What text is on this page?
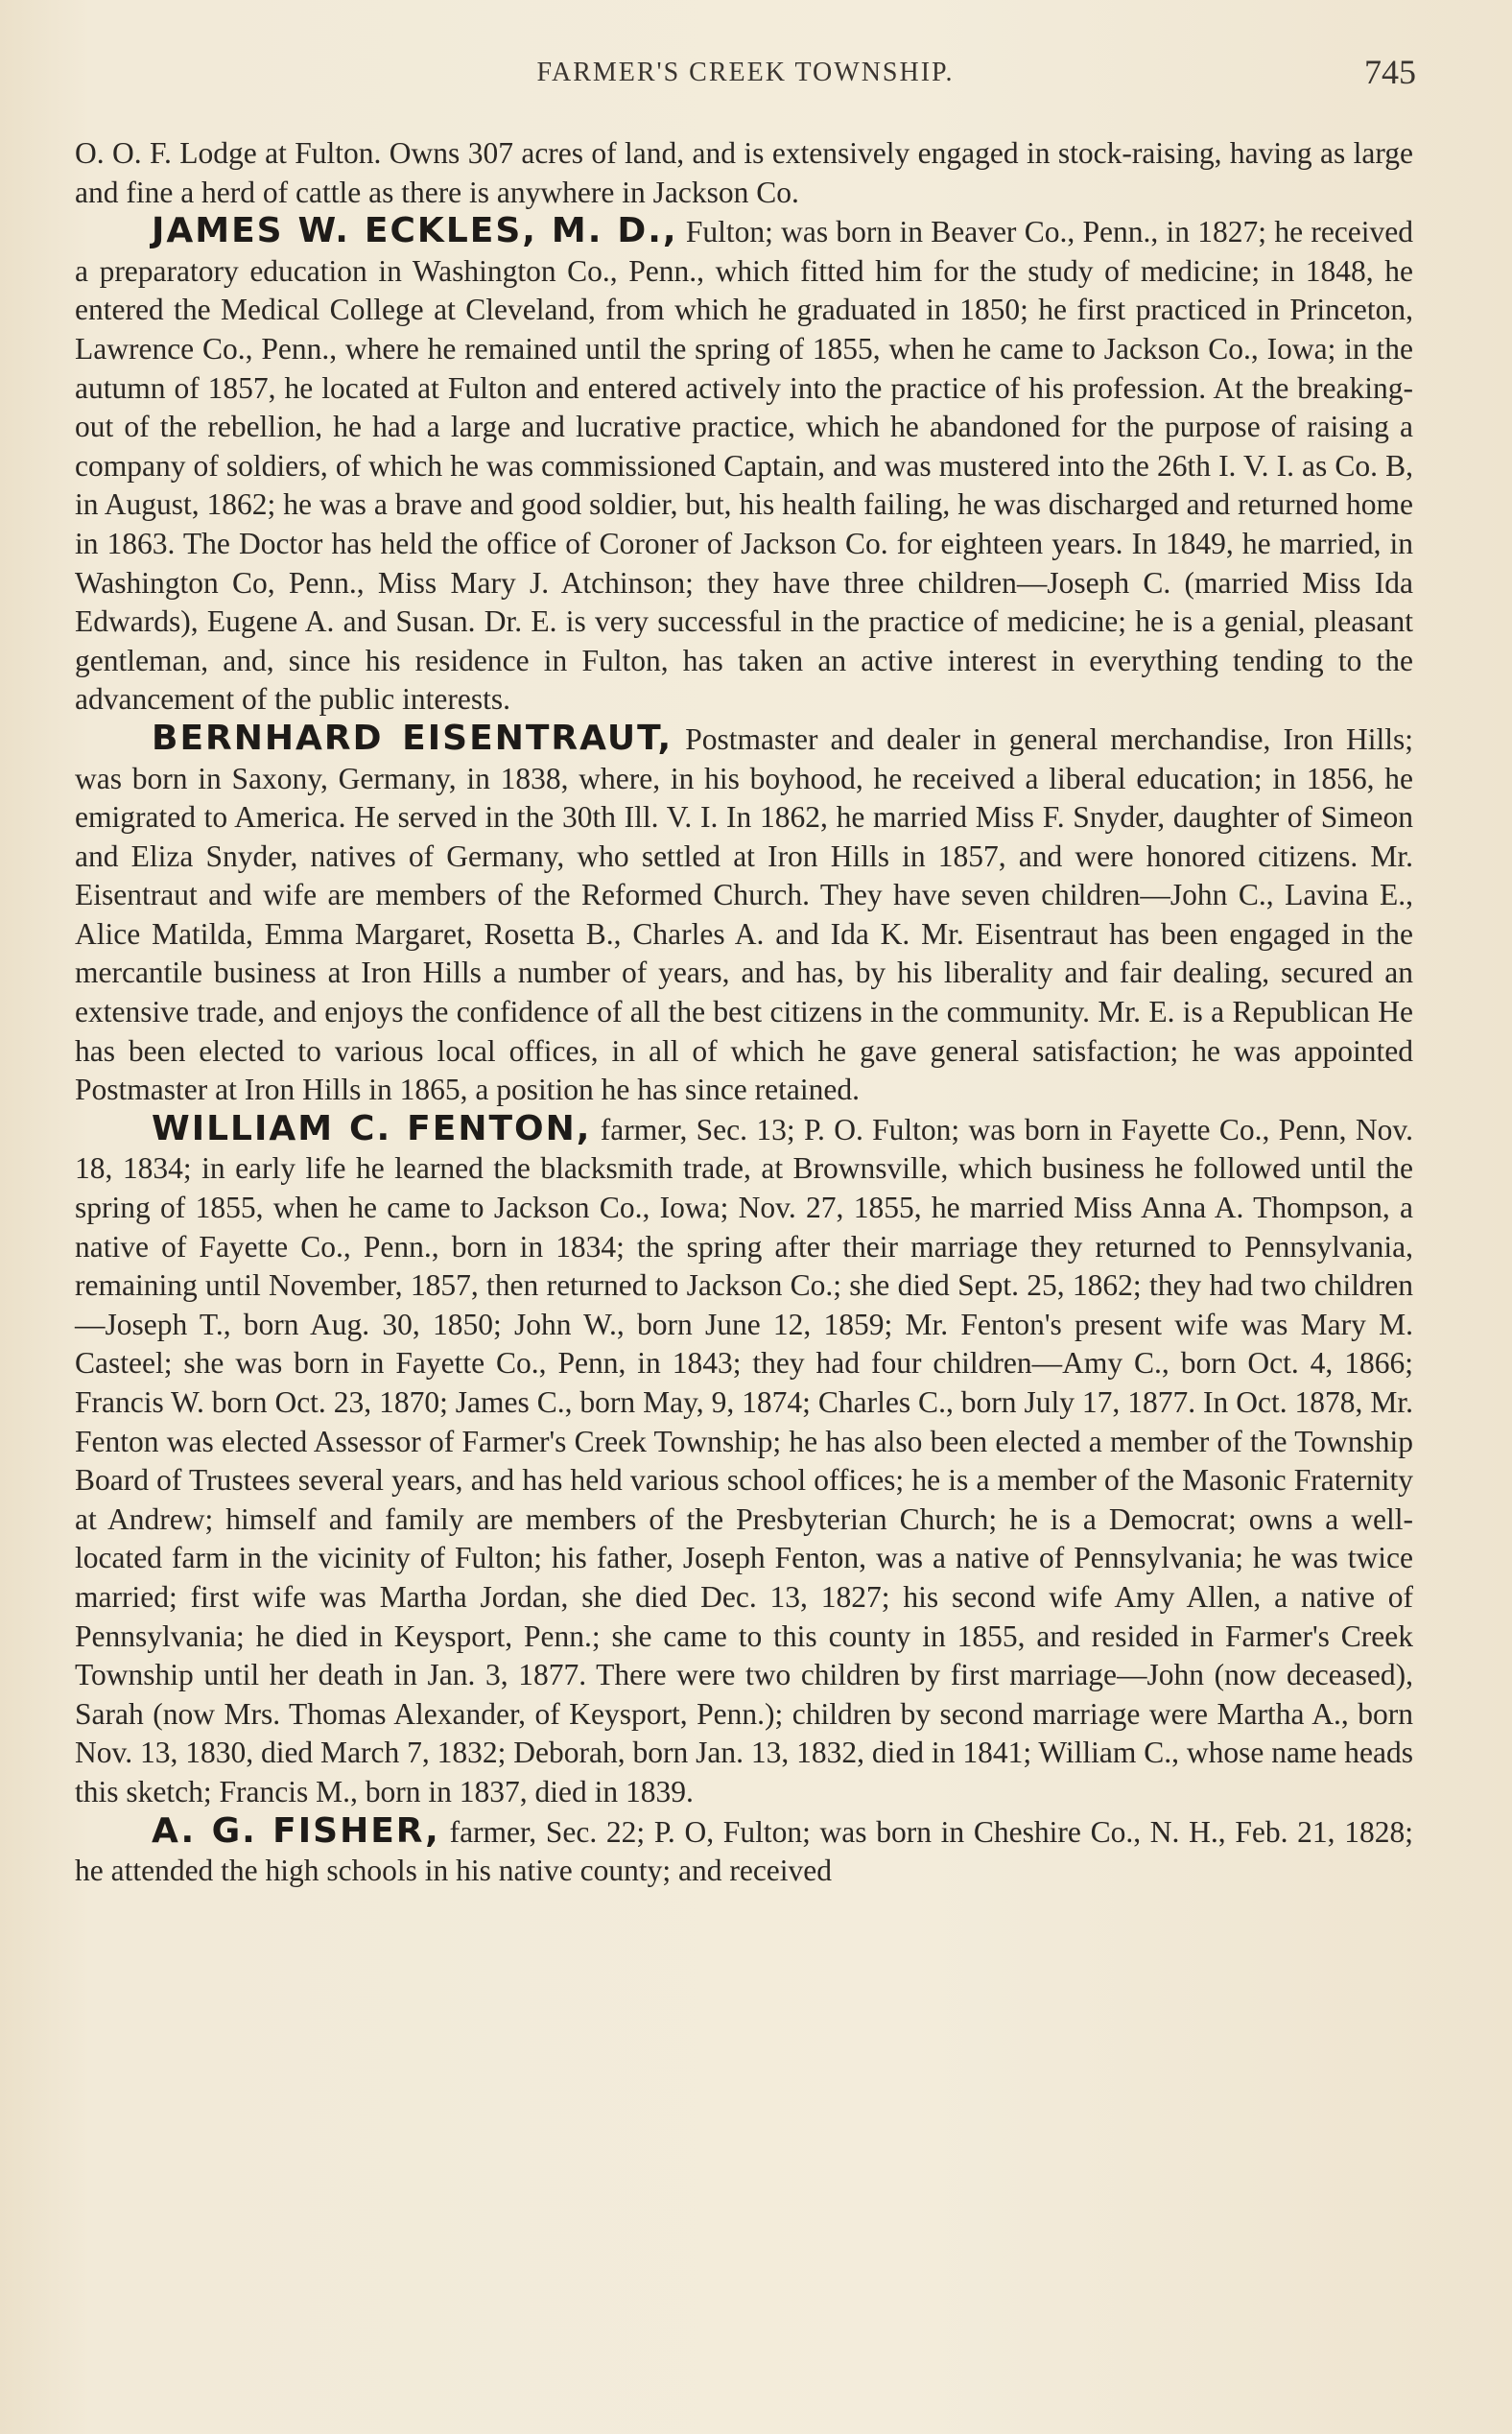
FARMER'S CREEK TOWNSHIP.	745

O. O. F. Lodge at Fulton. Owns 307 acres of land, and is extensively engaged in stock-raising, having as large and fine a herd of cattle as there is anywhere in Jackson Co.

JAMES W. ECKLES, M. D., Fulton; was born in Beaver Co., Penn., in 1827; he received a preparatory education in Washington Co., Penn., which fitted him for the study of medicine; in 1848, he entered the Medical College at Cleveland, from which he graduated in 1850; he first practiced in Princeton, Lawrence Co., Penn., where he remained until the spring of 1855, when he came to Jackson Co., Iowa; in the autumn of 1857, he located at Fulton and entered actively into the practice of his profession. At the breaking-out of the rebellion, he had a large and lucrative practice, which he abandoned for the purpose of raising a company of soldiers, of which he was commissioned Captain, and was mustered into the 26th I. V. I. as Co. B, in August, 1862; he was a brave and good soldier, but, his health failing, he was discharged and returned home in 1863. The Doctor has held the office of Coroner of Jackson Co. for eighteen years. In 1849, he married, in Washington Co, Penn., Miss Mary J. Atchinson; they have three children—Joseph C. (married Miss Ida Edwards), Eugene A. and Susan. Dr. E. is very successful in the practice of medicine; he is a genial, pleasant gentleman, and, since his residence in Fulton, has taken an active interest in everything tending to the advancement of the public interests.

BERNHARD EISENTRAUT, Postmaster and dealer in general merchandise, Iron Hills; was born in Saxony, Germany, in 1838, where, in his boyhood, he received a liberal education; in 1856, he emigrated to America. He served in the 30th Ill. V. I. In 1862, he married Miss F. Snyder, daughter of Simeon and Eliza Snyder, natives of Germany, who settled at Iron Hills in 1857, and were honored citizens. Mr. Eisentraut and wife are members of the Reformed Church. They have seven children—John C., Lavina E., Alice Matilda, Emma Margaret, Rosetta B., Charles A. and Ida K. Mr. Eisentraut has been engaged in the mercantile business at Iron Hills a number of years, and has, by his liberality and fair dealing, secured an extensive trade, and enjoys the confidence of all the best citizens in the community. Mr. E. is a Republican He has been elected to various local offices, in all of which he gave general satisfaction; he was appointed Postmaster at Iron Hills in 1865, a position he has since retained.

WILLIAM C. FENTON, farmer, Sec. 13; P. O. Fulton; was born in Fayette Co., Penn, Nov. 18, 1834; in early life he learned the blacksmith trade, at Brownsville, which business he followed until the spring of 1855, when he came to Jackson Co., Iowa; Nov. 27, 1855, he married Miss Anna A. Thompson, a native of Fayette Co., Penn., born in 1834; the spring after their marriage they returned to Pennsylvania, remaining until November, 1857, then returned to Jackson Co.; she died Sept. 25, 1862; they had two children—Joseph T., born Aug. 30, 1850; John W., born June 12, 1859; Mr. Fenton's present wife was Mary M. Casteel; she was born in Fayette Co., Penn, in 1843; they had four children—Amy C., born Oct. 4, 1866; Francis W. born Oct. 23, 1870; James C., born May, 9, 1874; Charles C., born July 17, 1877. In Oct. 1878, Mr. Fenton was elected Assessor of Farmer's Creek Township; he has also been elected a member of the Township Board of Trustees several years, and has held various school offices; he is a member of the Masonic Fraternity at Andrew; himself and family are members of the Presbyterian Church; he is a Democrat; owns a well-located farm in the vicinity of Fulton; his father, Joseph Fenton, was a native of Pennsylvania; he was twice married; first wife was Martha Jordan, she died Dec. 13, 1827; his second wife Amy Allen, a native of Pennsylvania; he died in Keysport, Penn.; she came to this county in 1855, and resided in Farmer's Creek Township until her death in Jan. 3, 1877. There were two children by first marriage—John (now deceased), Sarah (now Mrs. Thomas Alexander, of Keysport, Penn.); children by second marriage were Martha A., born Nov. 13, 1830, died March 7, 1832; Deborah, born Jan. 13, 1832, died in 1841; William C., whose name heads this sketch; Francis M., born in 1837, died in 1839.

A. G. FISHER, farmer, Sec. 22; P. O, Fulton; was born in Cheshire Co., N. H., Feb. 21, 1828; he attended the high schools in his native county; and received
